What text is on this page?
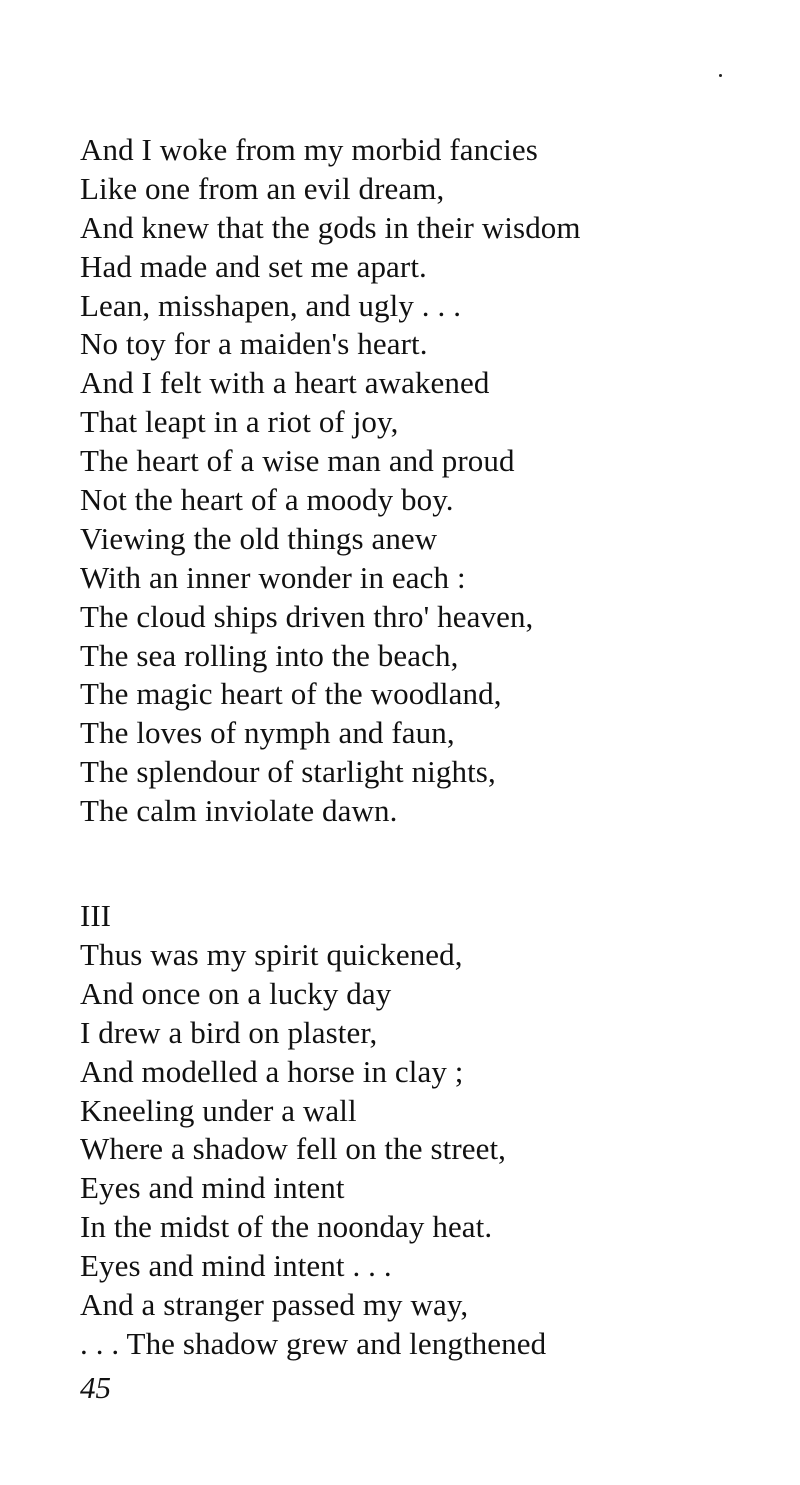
And I woke from my morbid fancies
Like one from an evil dream,
And knew that the gods in their wisdom
Had made and set me apart.
Lean, misshapen, and ugly . . .
No toy for a maiden's heart.
And I felt with a heart awakened
That leapt in a riot of joy,
The heart of a wise man and proud
Not the heart of a moody boy.
Viewing the old things anew
With an inner wonder in each :
The cloud ships driven thro' heaven,
The sea rolling into the beach,
The magic heart of the woodland,
The loves of nymph and faun,
The splendour of starlight nights,
The calm inviolate dawn.
III
Thus was my spirit quickened,
And once on a lucky day
I drew a bird on plaster,
And modelled a horse in clay ;
Kneeling under a wall
Where a shadow fell on the street,
Eyes and mind intent
In the midst of the noonday heat.
Eyes and mind intent . . .
And a stranger passed my way,
. . . The shadow grew and lengthened
45
